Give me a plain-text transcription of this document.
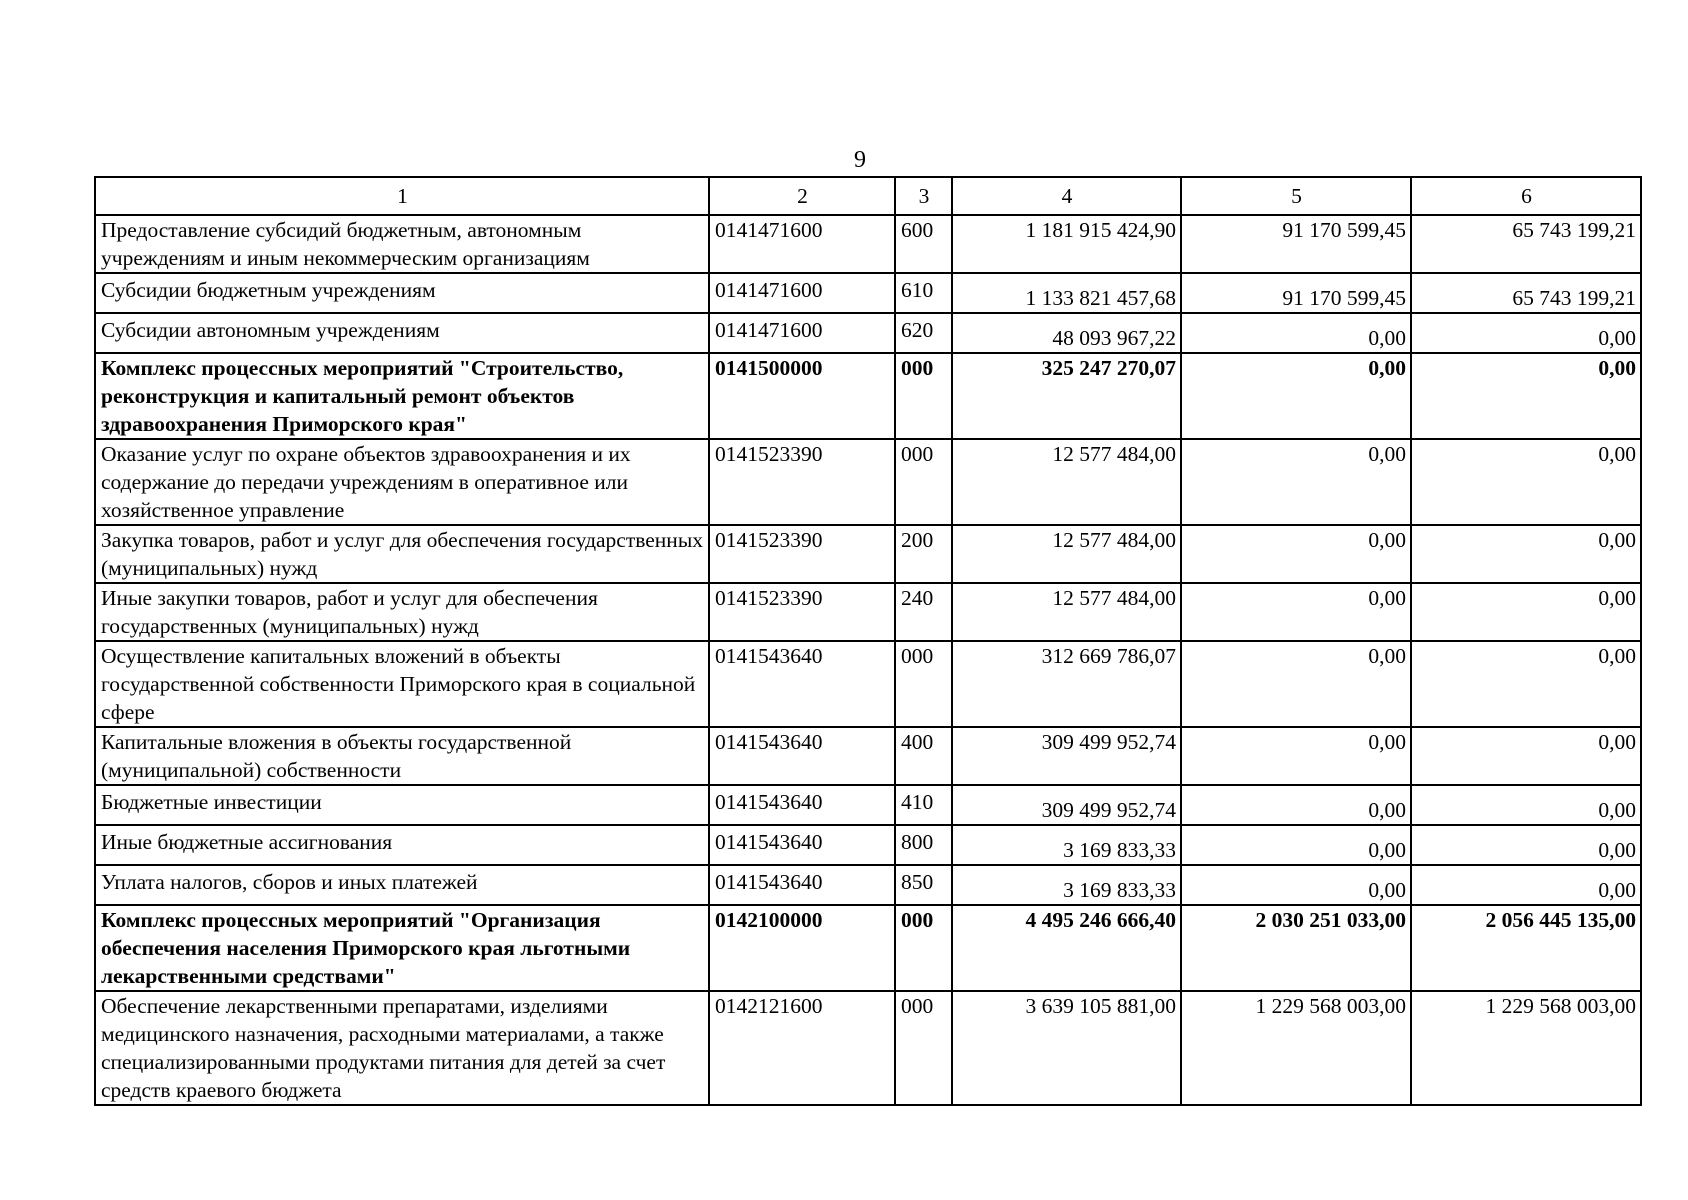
9
1	2	3	4	5	6
Предоставление субсидий бюджетным, автономным учреждениям и иным некоммерческим организациям	0141471600	600	1 181 915 424,90	91 170 599,45	65 743 199,21
Субсидии бюджетным учреждениям	0141471600	610	1 133 821 457,68	91 170 599,45	65 743 199,21
Субсидии автономным учреждениям	0141471600	620	48 093 967,22	0,00	0,00
Комплекс процессных мероприятий "Строительство, реконструкция и капитальный ремонт объектов здравоохранения Приморского края"	0141500000	000	325 247 270,07	0,00	0,00
Оказание услуг по охране объектов здравоохранения и их содержание до передачи учреждениям в оперативное или хозяйственное управление	0141523390	000	12 577 484,00	0,00	0,00
Закупка товаров, работ и услуг для обеспечения государственных (муниципальных) нужд	0141523390	200	12 577 484,00	0,00	0,00
Иные закупки товаров, работ и услуг для обеспечения государственных (муниципальных) нужд	0141523390	240	12 577 484,00	0,00	0,00
Осуществление капитальных вложений в объекты государственной собственности Приморского края в социальной сфере	0141543640	000	312 669 786,07	0,00	0,00
Капитальные вложения в объекты государственной (муниципальной) собственности	0141543640	400	309 499 952,74	0,00	0,00
Бюджетные инвестиции	0141543640	410	309 499 952,74	0,00	0,00
Иные бюджетные ассигнования	0141543640	800	3 169 833,33	0,00	0,00
Уплата налогов, сборов и иных платежей	0141543640	850	3 169 833,33	0,00	0,00
Комплекс процессных мероприятий "Организация обеспечения населения Приморского края льготными лекарственными средствами"	0142100000	000	4 495 246 666,40	2 030 251 033,00	2 056 445 135,00
Обеспечение лекарственными препаратами, изделиями медицинского назначения, расходными материалами, а также специализированными продуктами питания для детей за счет средств краевого бюджета	0142121600	000	3 639 105 881,00	1 229 568 003,00	1 229 568 003,00
